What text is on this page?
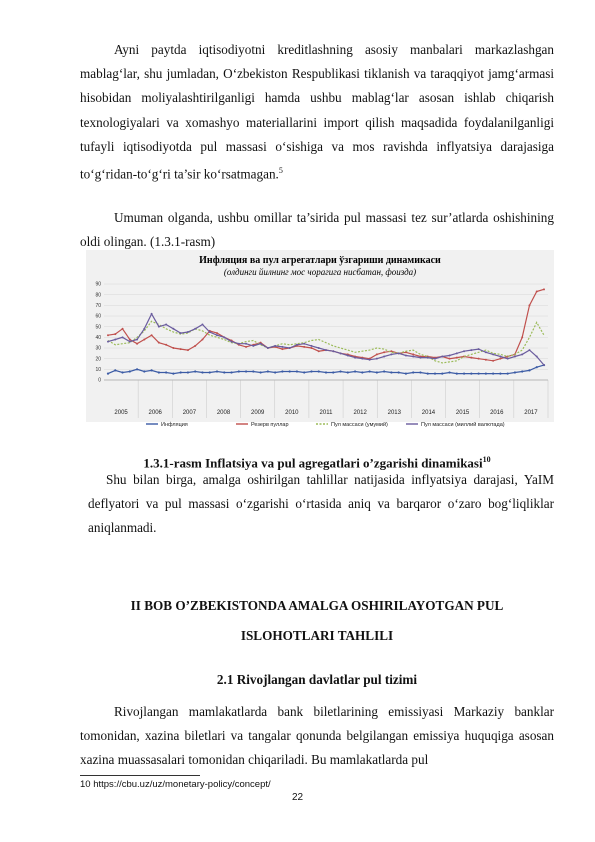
Ayni paytda iqtisodiyotni kreditlashning asosiy manbalari markazlashgan mablag‘lar, shu jumladan, O‘zbekiston Respublikasi tiklanish va taraqqiyot jamg‘armasi hisobidan moliyalashtirilganligi hamda ushbu mablag‘lar asosan ishlab chiqarish texnologiyalari va xomashyo materiallarini import qilish maqsadida foydalanilganligi tufayli iqtisodiyotda pul massasi o‘sishiga va mos ravishda inflyatsiya darajasiga to‘g‘ridan-to‘g‘ri ta’sir ko‘rsatmagan.$^5$

Umuman olganda, ushbu omillar ta’sirida pul massasi tez sur’atlarda oshishining oldi olingan. (1.3.1-rasm)

Инфляция ва пул агрегатлари ўзгариши динамикаси
(олдинги йилнинг мос чорагига нисбатан, фоизда)
0
10
20
30
40
50
60
70
80
90
2005	2006	2007	2008	2009	2010	2011	2012	2013	2014	2015	2016	2017
Инфляция	Резерв пуллар	Пул массаси (умумий)	Пул массаси (миллий валютада)

1.3.1-rasm Inflatsiya va pul agregatlari o’zgarishi dinamikasi$^{10}$

Shu bilan birga, amalga oshirilgan tahlillar natijasida inflyatsiya darajasi, YaIM deflyatori va pul massasi o‘zgarishi o‘rtasida aniq va barqaror o‘zaro bog‘liqliklar aniqlanmadi.

II BOB O’ZBEKISTONDA AMALGA OSHIRILAYOTGAN PUL
ISLOHOTLARI TAHLILI
2.1 Rivojlangan davlatlar pul tizimi

Rivojlangan mamlakatlarda bank biletlarining emissiyasi Markaziy banklar tomonidan, xazina biletlari va tangalar qonunda belgilangan emissiya huquqiga asosan xazina muassasalari tomonidan chiqariladi. Bu mamlakatlarda pul

10 https://cbu.uz/uz/monetary-policy/concept/
22
